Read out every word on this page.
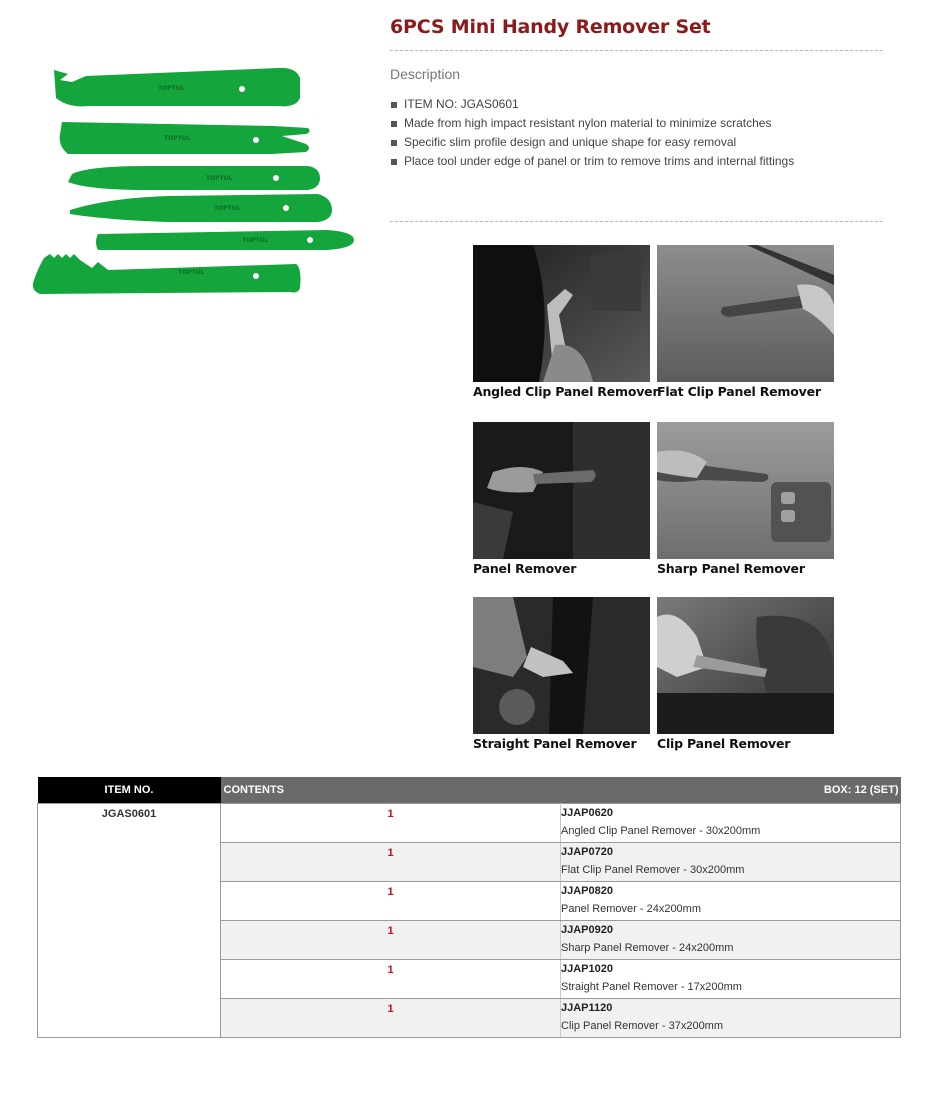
TOPTUL
TOPTUL
TOPTUL
TOPTUL
TOPTUL
TOPTUL
6PCS Mini Handy Remover Set
Description
ITEM NO: JGAS0601
Made from high impact resistant nylon material to minimize scratches
Specific slim profile design and unique shape for easy removal
Place tool under edge of panel or trim to remove trims and internal fittings
Angled Clip Panel Remover
Flat Clip Panel Remover
Panel Remover	Sharp Panel Remover
Straight Panel Remover	Clip Panel Remover
ITEM NO.	CONTENTS BOX: 12 (SET)	

JGAS0601	1	JJAP0620
Angled Clip Panel Remover - 30x200mm

	1	JJAP0720
Flat Clip Panel Remover - 30x200mm

	1	JJAP0820
Panel Remover - 24x200mm

	1	JJAP0920
Sharp Panel Remover - 24x200mm

	1	JJAP1020
Straight Panel Remover - 17x200mm

	1	JJAP1120
Clip Panel Remover - 37x200mm
